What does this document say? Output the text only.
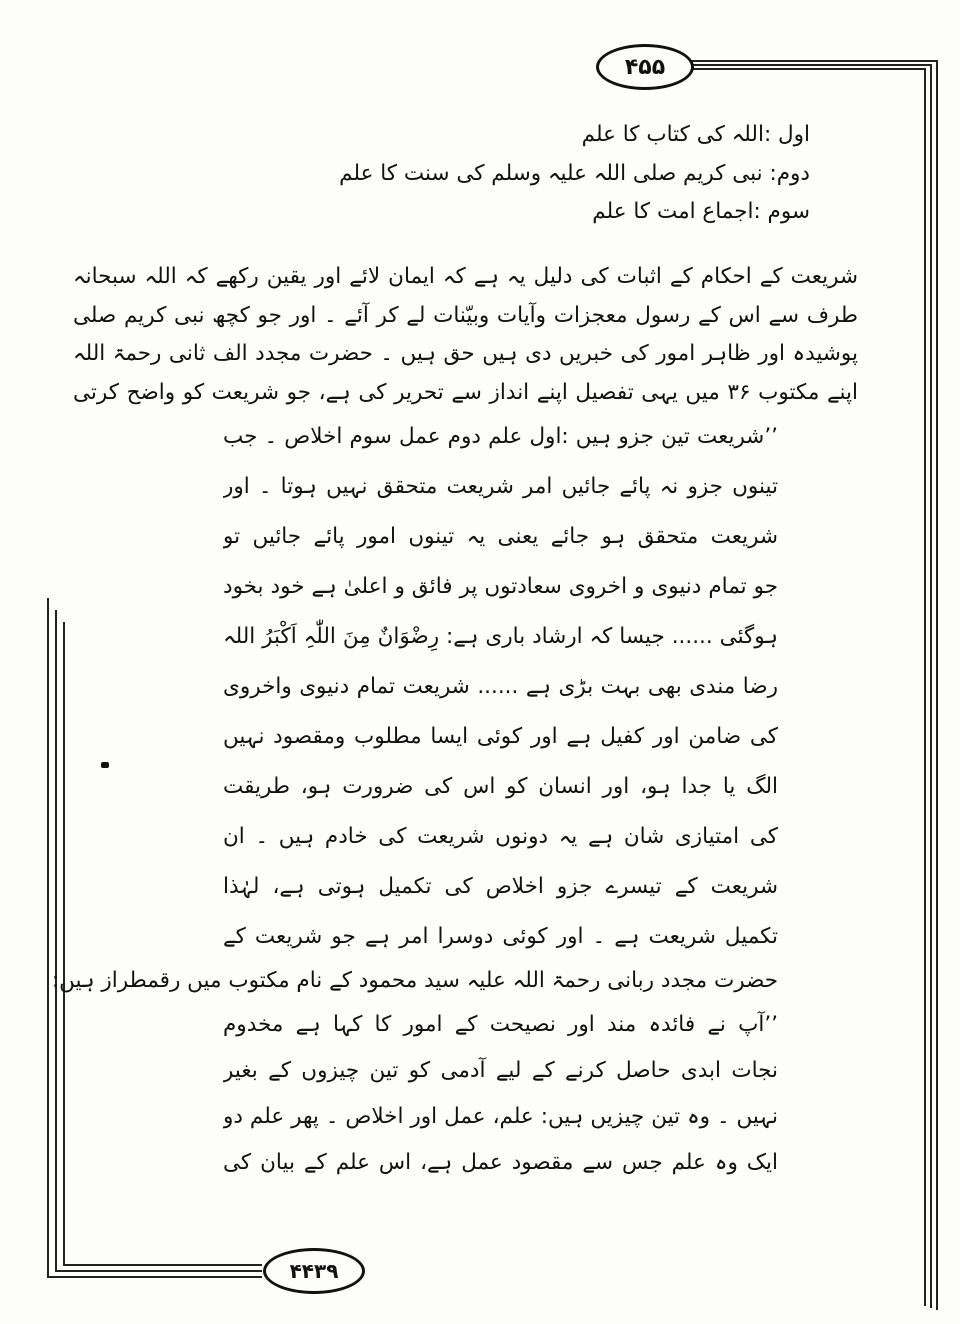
۴۵۵
۴۴۳۹
اول :اللہ کی کتاب کا علم
دوم: نبی کریم صلی اللہ علیہ وسلم کی سنت کا علم
سوم :اجماع امت کا علم
شریعت کے احکام کے اثبات کی دلیل یہ ہے کہ ایمان لائے اور یقین رکھے کہ اللہ سبحانہ
طرف سے اس کے رسول معجزات وآیات وبیّنات لے کر آئے ۔ اور جو کچھ نبی کریم صلی
پوشیدہ اور ظاہر امور کی خبریں دی ہیں حق ہیں ۔ حضرت مجدد الف ثانی رحمۃ اللہ
اپنے مکتوب ۳۶ میں یہی تفصیل اپنے انداز سے تحریر کی ہے، جو شریعت کو واضح کرتی
’’شریعت تین جزو ہیں :اول علم دوم عمل سوم اخلاص ۔ جب
تینوں جزو نہ پائے جائیں امر شریعت متحقق نہیں ہوتا ۔ اور
شریعت متحقق ہو جائے یعنی یہ تینوں امور پائے جائیں تو
جو تمام دنیوی و اخروی سعادتوں پر فائق و اعلیٰ ہے خود بخود
ہوگئی ...... جیسا کہ ارشاد باری ہے: رِضْوَانٌ مِنَ اللّٰہِ اَکْبَرُ اللہ
رضا مندی بھی بہت بڑی ہے ...... شریعت تمام دنیوی واخروی
کی ضامن اور کفیل ہے اور کوئی ایسا مطلوب ومقصود نہیں
الگ یا جدا ہو، اور انسان کو اس کی ضرورت ہو، طریقت
کی امتیازی شان ہے یہ دونوں شریعت کی خادم ہیں ۔ ان
شریعت کے تیسرے جزو اخلاص کی تکمیل ہوتی ہے، لہٰذا
تکمیل شریعت ہے ۔ اور کوئی دوسرا امر ہے جو شریعت کے
حضرت مجدد ربانی رحمۃ اللہ علیہ سید محمود کے نام مکتوب میں رقمطراز ہیں:
’’آپ نے فائدہ مند اور نصیحت کے امور کا کہا ہے مخدوم
نجات ابدی حاصل کرنے کے لیے آدمی کو تین چیزوں کے بغیر
نہیں ۔ وہ تین چیزیں ہیں: علم، عمل اور اخلاص ۔ پھر علم دو
ایک وہ علم جس سے مقصود عمل ہے، اس علم کے بیان کی
